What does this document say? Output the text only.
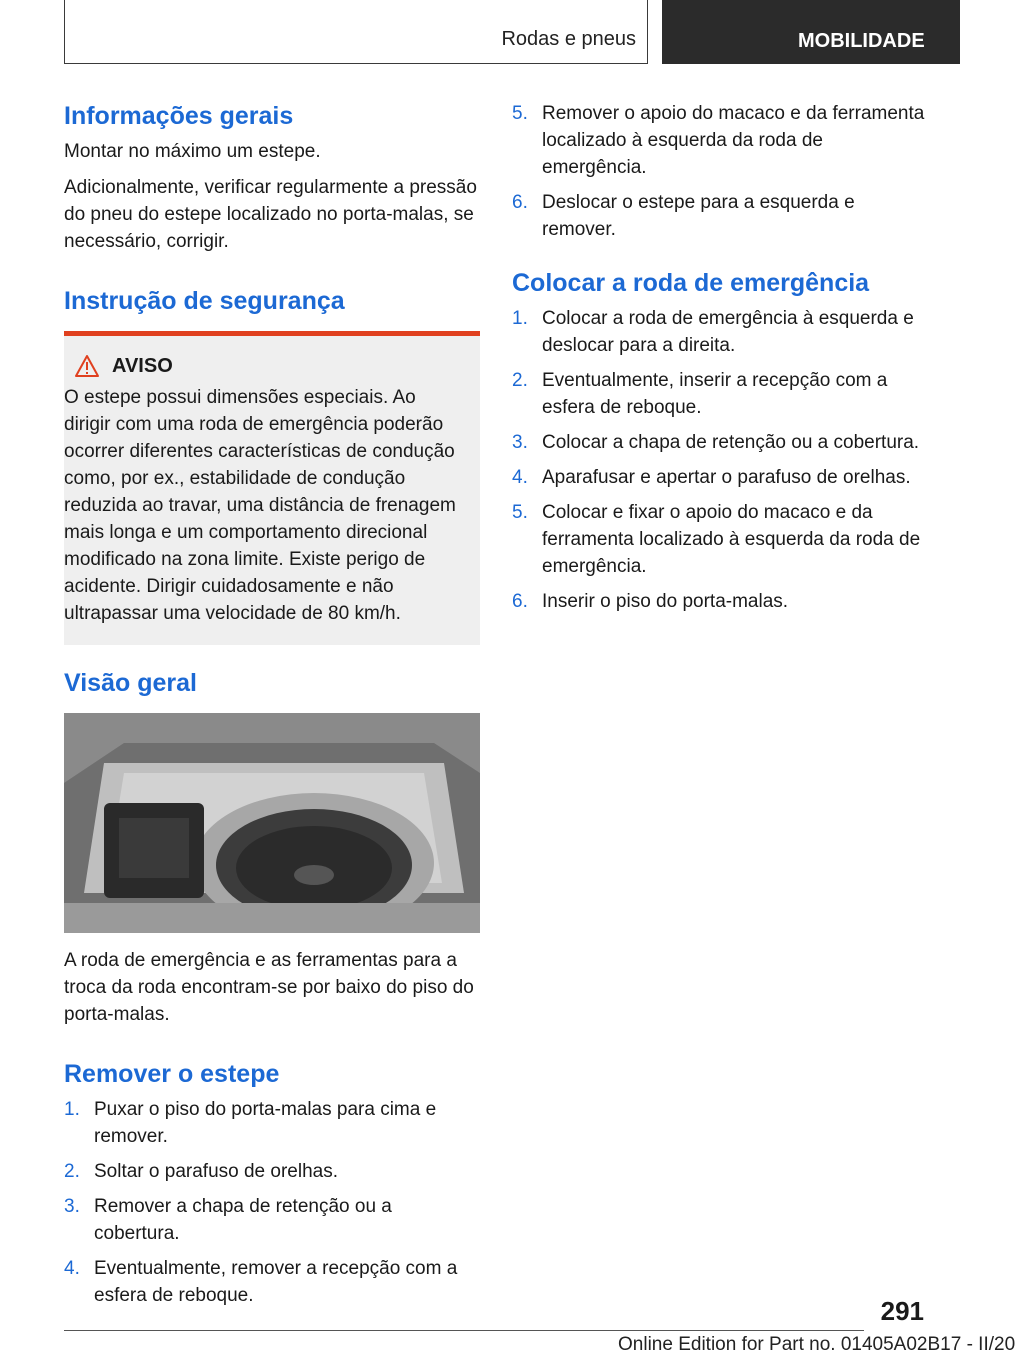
Rodas e pneus	MOBILIDADE
Informações gerais

Montar no máximo um estepe.

Adicionalmente, verificar regularmente a pressão do pneu do estepe localizado no porta-malas, se necessário, corrigir.

Instrução de segurança
AVISO

O estepe possui dimensões especiais. Ao dirigir com uma roda de emergência poderão ocorrer diferentes características de condução como, por ex., estabilidade de condução reduzida ao travar, uma distância de frenagem mais longa e um comportamento direcional modificado na zona limite. Existe perigo de acidente. Dirigir cuidadosamente e não ultrapassar uma velocidade de 80 km/h.

Visão geral

A roda de emergência e as ferramentas para a troca da roda encontram-se por baixo do piso do porta-malas.

Remover o estepe
1. Puxar o piso do porta-malas para cima e remover.
2. Soltar o parafuso de orelhas.
3. Remover a chapa de retenção ou a cobertura.
4. Eventualmente, remover a recepção com a esfera de reboque.
5. Remover o apoio do macaco e da ferramenta localizado à esquerda da roda de emergência.
6. Deslocar o estepe para a esquerda e remover.
Colocar a roda de emergência
1. Colocar a roda de emergência à esquerda e deslocar para a direita.
2. Eventualmente, inserir a recepção com a esfera de reboque.
3. Colocar a chapa de retenção ou a cobertura.
4. Aparafusar e apertar o parafuso de orelhas.
5. Colocar e fixar o apoio do macaco e da ferramenta localizado à esquerda da roda de emergência.
6. Inserir o piso do porta-malas.
291
Online Edition for Part no. 01405A02B17 - II/20
